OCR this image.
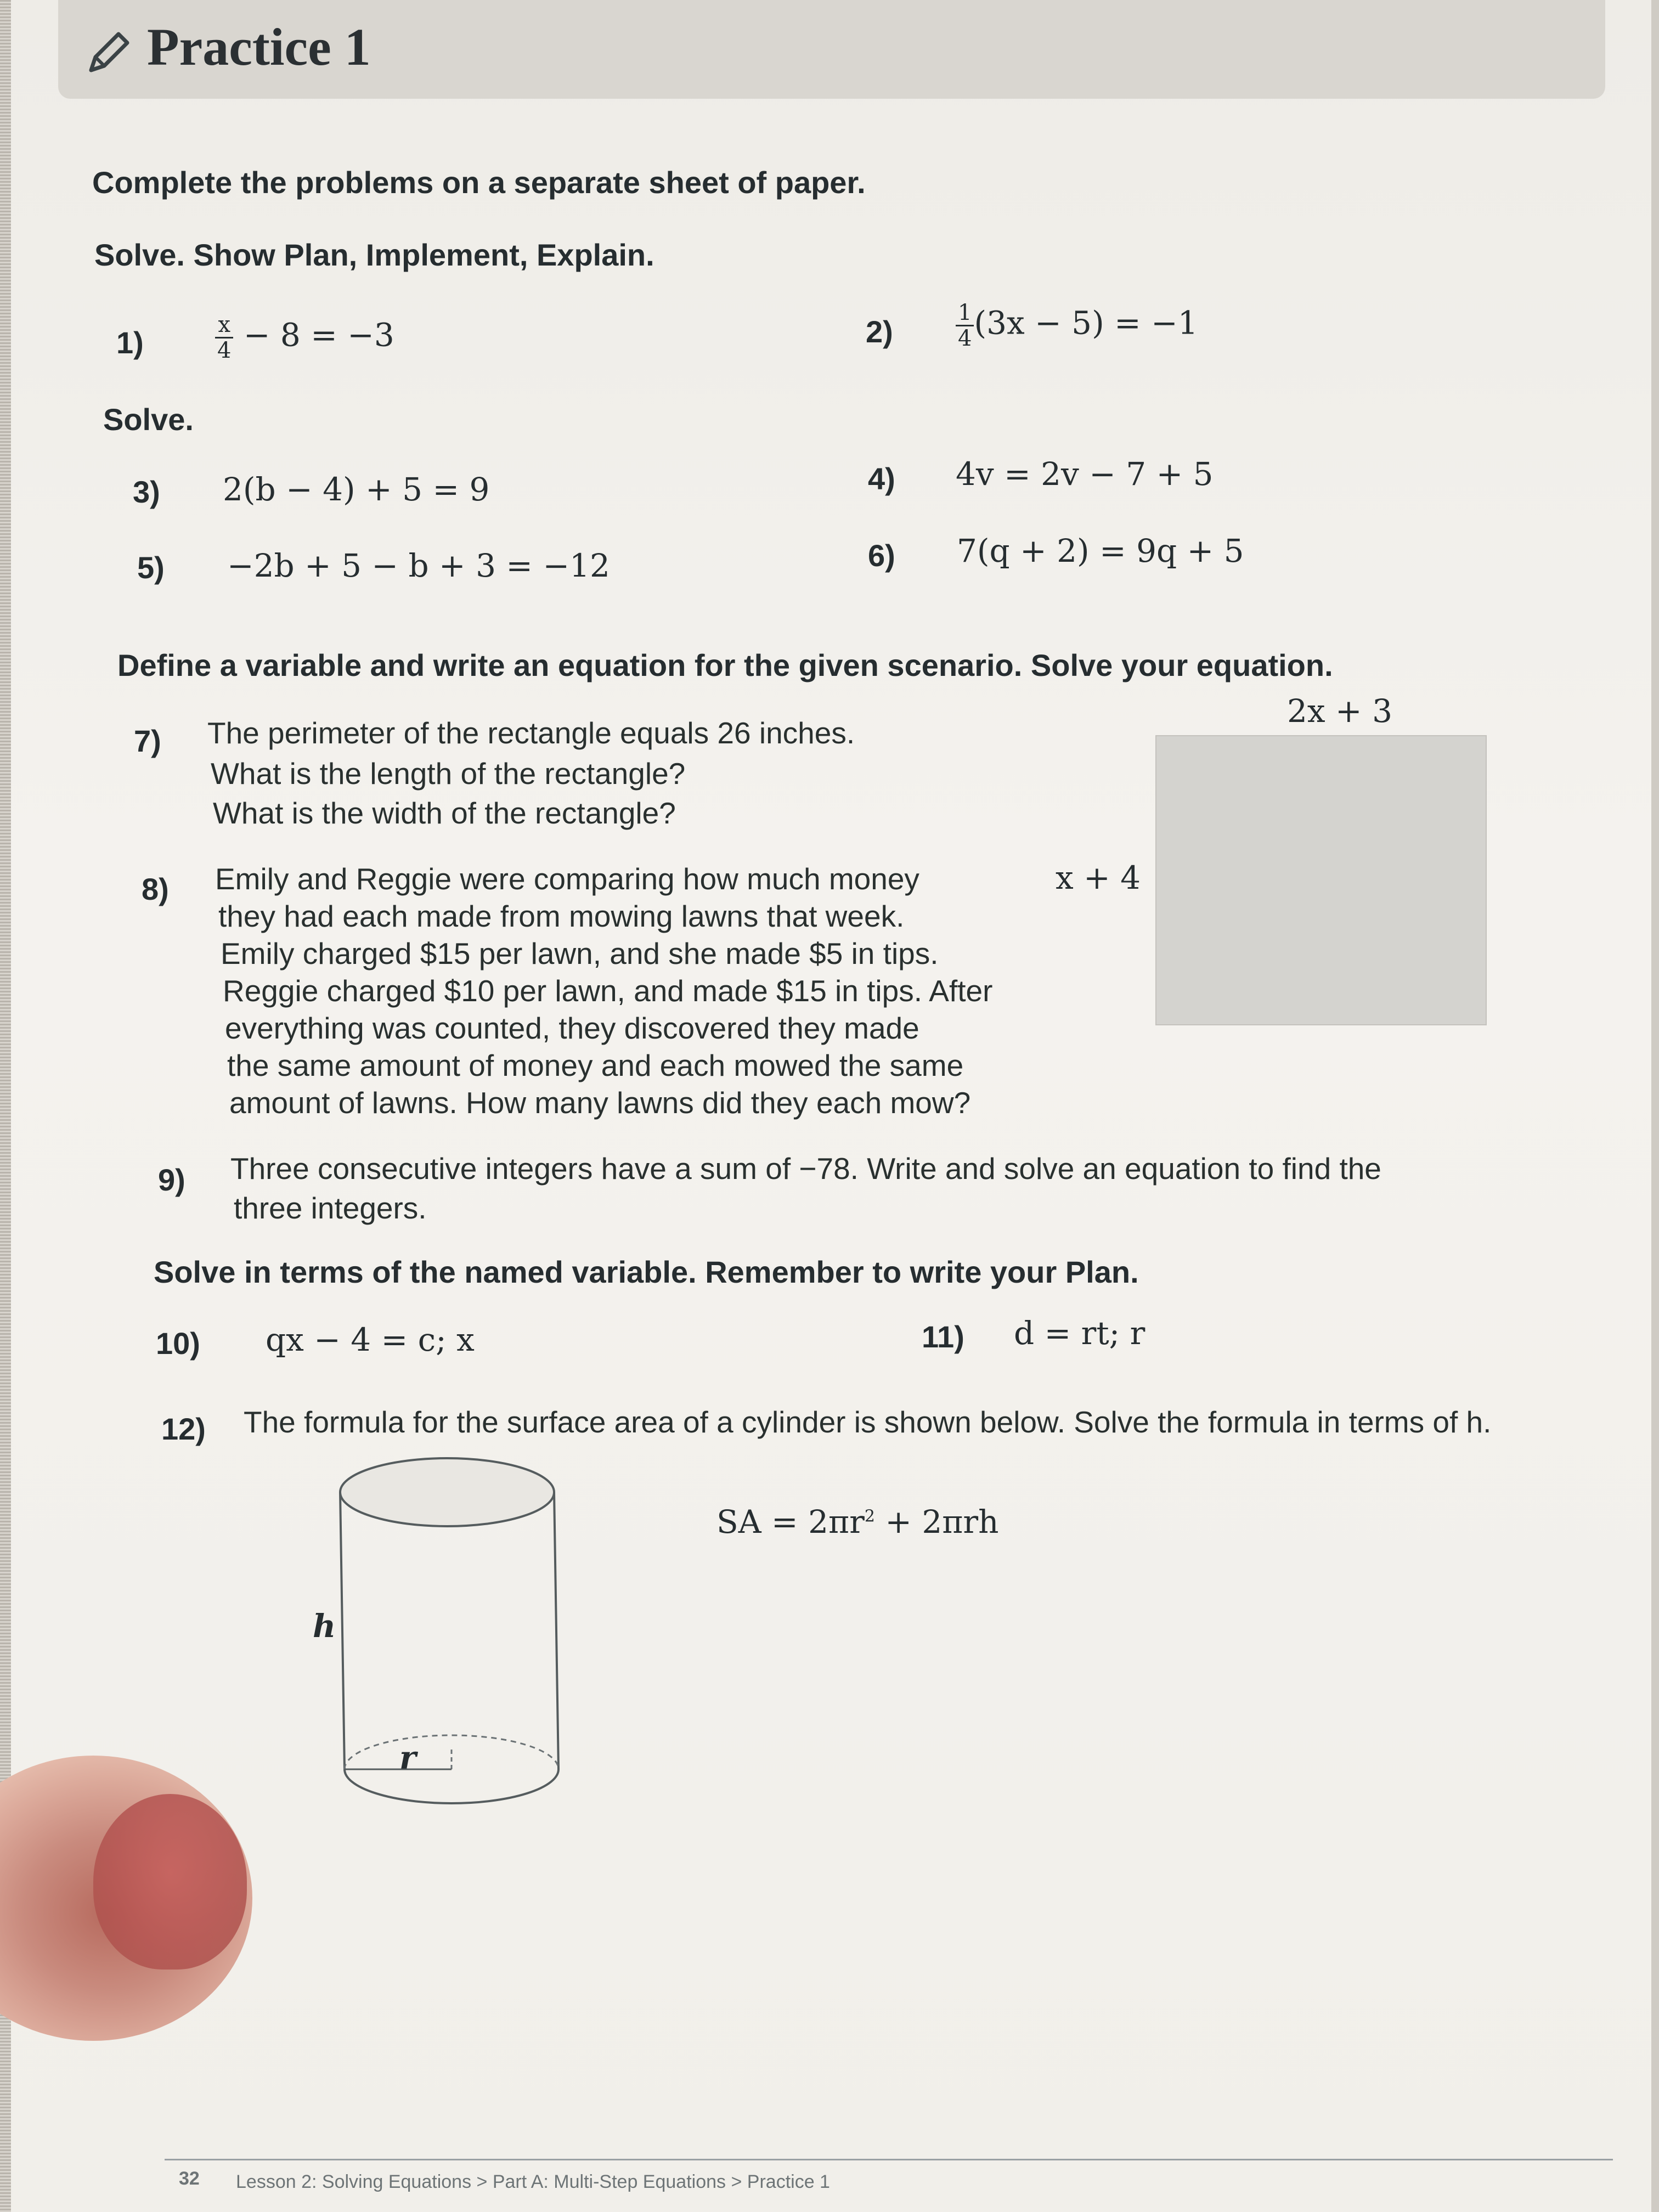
Practice 1
Complete the problems on a separate sheet of paper.
Solve. Show Plan, Implement, Explain.
1)	$\frac{x}{4} - 8 = -3$	2)	$\frac{1}{4} (3x - 5) = -1$
Solve.
3) 2(b − 4) + 5 = 9	4) 4v = 2v − 7 + 5
5) −2b + 5 − b + 3 = −12	6) 7(q + 2) = 9q + 5
Define a variable and write an equation for the given scenario. Solve your equation.
7) The perimeter of the rectangle equals 26 inches.
What is the length of the rectangle?
What is the width of the rectangle?
2x + 3
x + 4
8) Emily and Reggie were comparing how much money
they had each made from mowing lawns that week.
Emily charged $15 per lawn, and she made $5 in tips.
Reggie charged $10 per lawn, and made $15 in tips. After
everything was counted, they discovered they made
the same amount of money and each mowed the same
amount of lawns. How many lawns did they each mow?
9) Three consecutive integers have a sum of −78. Write and solve an equation to find the
three integers.
Solve in terms of the named variable. Remember to write your Plan.
10) qx − 4 = c; x	11) d = rt; r
12) The formula for the surface area of a cylinder is shown below. Solve the formula in terms of h.
SA = $2\pi r^2 + 2\pi rh$
h
r
32 Lesson 2: Solving Equations > Part A: Multi-Step Equations > Practice 1
